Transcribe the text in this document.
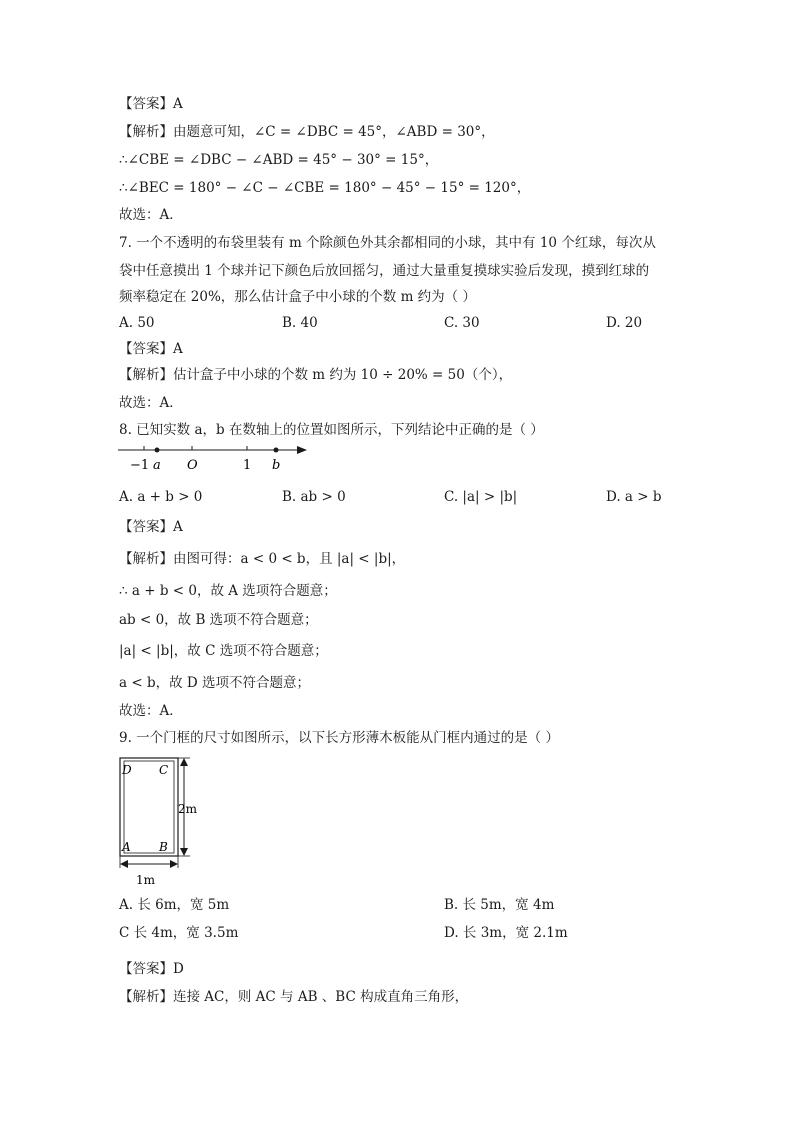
【答案】A
【解析】由题意可知，∠C = ∠DBC = 45°，∠ABD = 30°，
∴∠CBE = ∠DBC − ∠ABD = 45° − 30° = 15°，
∴∠BEC = 180° − ∠C − ∠CBE = 180° − 45° − 15° = 120°，
故选：A．
7. 一个不透明的布袋里装有 m 个除颜色外其余都相同的小球，其中有 10 个红球，每次从
袋中任意摸出 1 个球并记下颜色后放回摇匀，通过大量重复摸球实验后发现，摸到红球的
频率稳定在 20%，那么估计盒子中小球的个数 m 约为（ ）
A. 50	B. 40	C. 30	D. 20
【答案】A
【解析】估计盒子中小球的个数 m 约为 10 ÷ 20% = 50（个），
故选：A．
8. 已知实数 a，b 在数轴上的位置如图所示，下列结论中正确的是（ ）
−1 a O	1 b
A. a + b > 0	B. ab > 0	C. |a| > |b|	D. a > b
【答案】A
【解析】由图可得：a < 0 < b，且 |a| < |b|，
∴ a + b < 0，故 A 选项符合题意；
ab < 0，故 B 选项不符合题意；
|a| < |b|，故 C 选项不符合题意；
a < b，故 D 选项不符合题意；
故选：A．
9. 一个门框的尺寸如图所示，以下长方形薄木板能从门框内通过的是（ ）
D C
A B
2m
1m
A. 长 6m，宽 5m	B. 长 5m，宽 4m
C 长 4m，宽 3.5m	D. 长 3m，宽 2.1m
【答案】D
【解析】连接 AC，则 AC 与 AB 、BC 构成直角三角形，
